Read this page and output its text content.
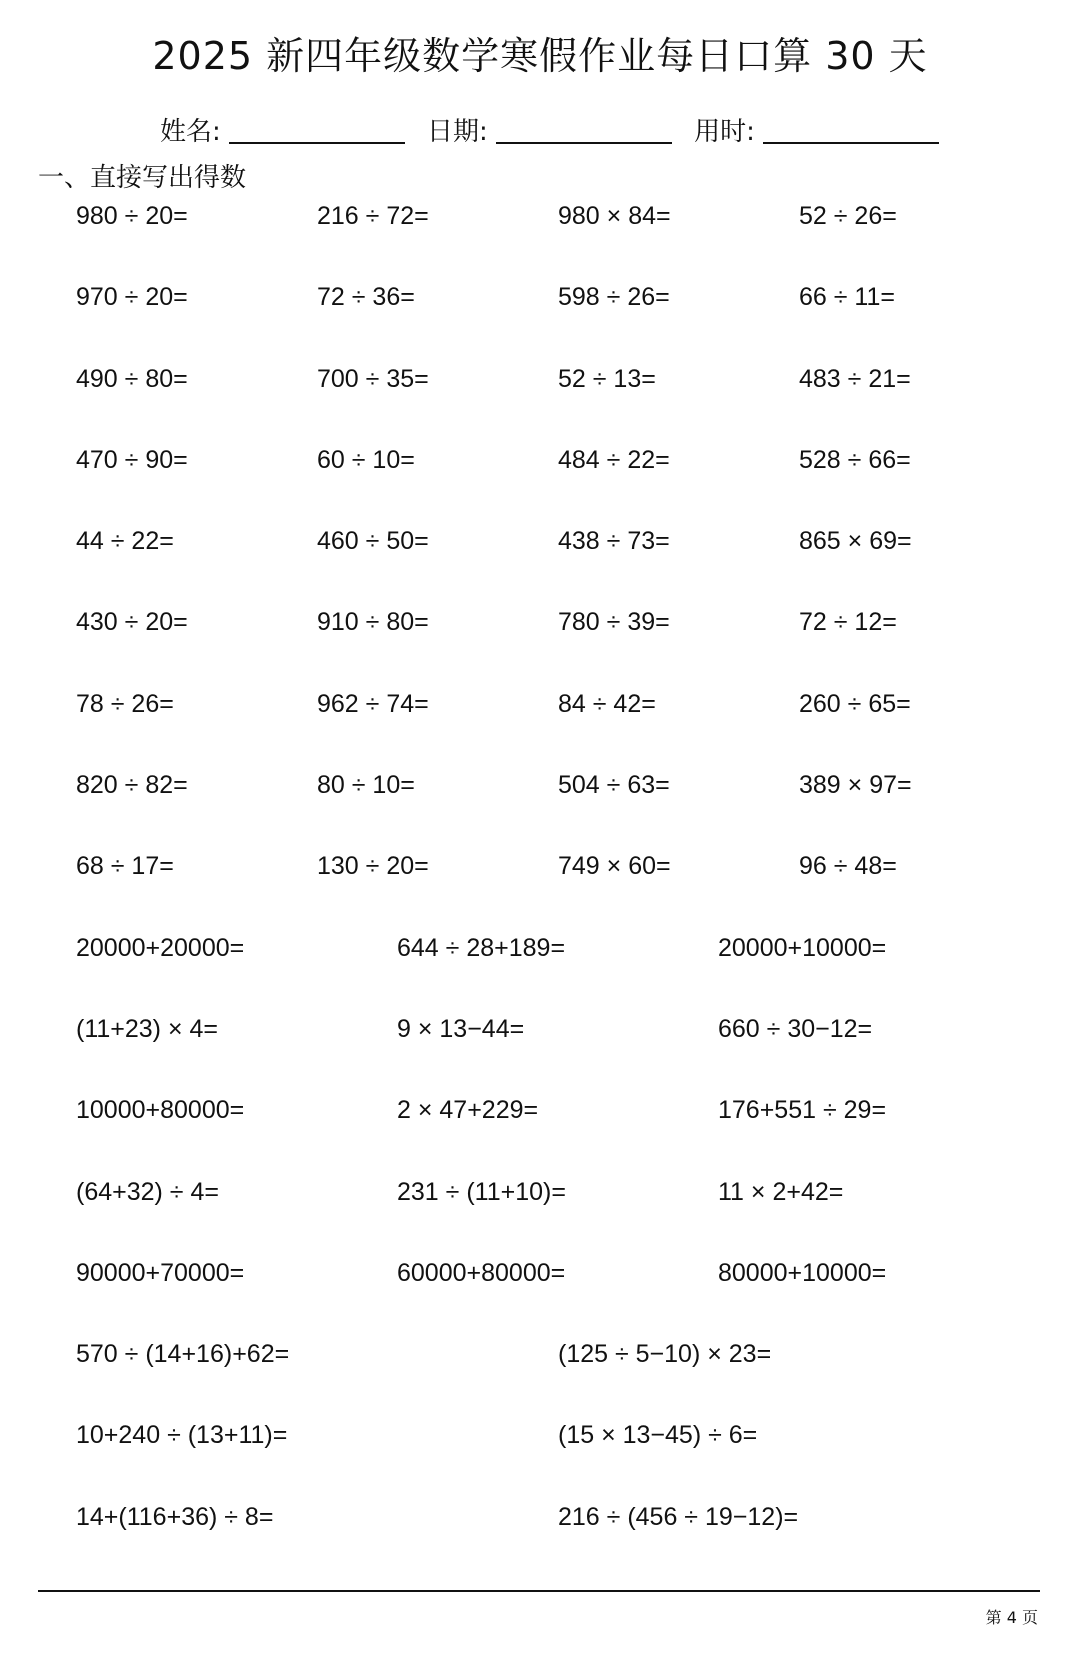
2025 新四年级数学寒假作业每日口算 30 天
姓名:	日期:	用时:
一、直接写出得数
980 ÷ 20=	216 ÷ 72=	980 × 84=	52 ÷ 26=
970 ÷ 20=	72 ÷ 36=	598 ÷ 26=	66 ÷ 11=
490 ÷ 80=	700 ÷ 35=	52 ÷ 13=	483 ÷ 21=
470 ÷ 90=	60 ÷ 10=	484 ÷ 22=	528 ÷ 66=
44 ÷ 22=	460 ÷ 50=	438 ÷ 73=	865 × 69=
430 ÷ 20=	910 ÷ 80=	780 ÷ 39=	72 ÷ 12=
78 ÷ 26=	962 ÷ 74=	84 ÷ 42=	260 ÷ 65=
820 ÷ 82=	80 ÷ 10=	504 ÷ 63=	389 × 97=
68 ÷ 17=	130 ÷ 20=	749 × 60=	96 ÷ 48=
20000+20000=	644 ÷ 28+189=	20000+10000=
(11+23) × 4=	9 × 13−44=	660 ÷ 30−12=
10000+80000=	2 × 47+229=	176+551 ÷ 29=
(64+32) ÷ 4=	231 ÷ (11+10)=	11 × 2+42=
90000+70000=	60000+80000=	80000+10000=
570 ÷ (14+16)+62=	(125 ÷ 5−10) × 23=
10+240 ÷ (13+11)=	(15 × 13−45) ÷ 6=
14+(116+36) ÷ 8=	216 ÷ (456 ÷ 19−12)=
第 4 页
